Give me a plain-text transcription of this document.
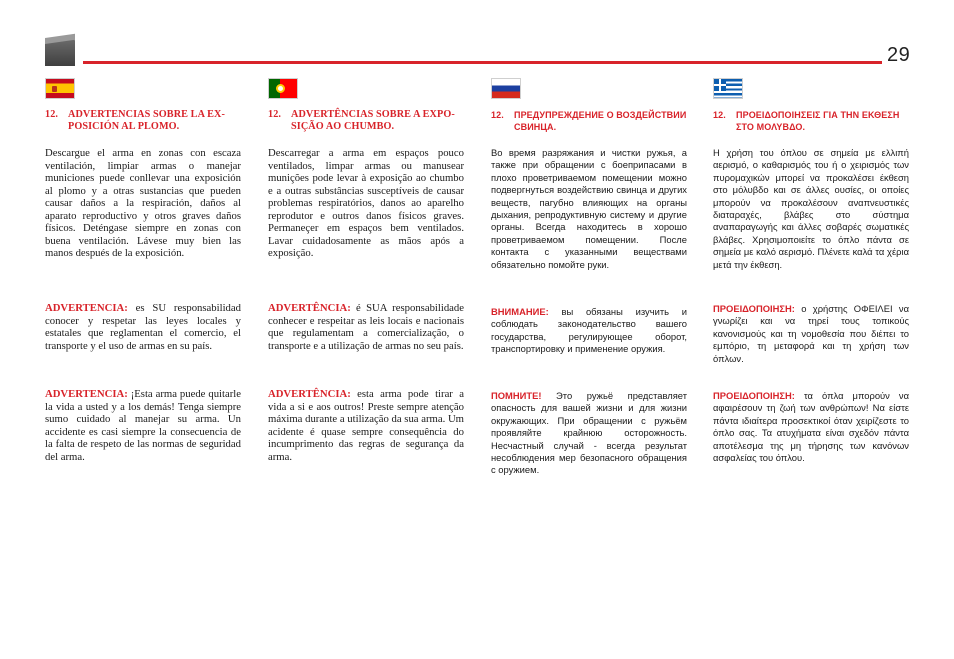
29
12. ADVERTENCIAS SOBRE LA EX-POSICIÓN AL PLOMO.

Descargue el arma en zonas con escaza ventilación, limpiar armas o manejar municiones puede conllevar una exposición al plomo y a otras sustancias que pueden causar daños a la respiración, daños al aparato reproductivo y otros graves daños físicos. Deténgase siempre en zonas con buena ventilación. Lávese muy bien las manos después de la exposición.

ADVERTENCIA: es SU responsabilidad conocer y respetar las leyes locales y estatales que reglamentan el comercio, el transporte y el uso de armas en su país.

ADVERTENCIA: ¡Esta arma puede quitarle la vida a usted y a los demás! Tenga siempre sumo cuidado al manejar su arma. Un accidente es casi siempre la consecuencia de la falta de respeto de las normas de seguridad del arma.

12. ADVERTÊNCIAS SOBRE A EXPO-SIÇÃO AO CHUMBO.

Descarregar a arma em espaços pouco ventilados, limpar armas ou manusear munições pode levar à exposição ao chumbo e a outras substâncias susceptíveis de causar problemas respiratórios, danos ao aparelho reprodutor e outros danos físicos graves. Permaneçer em espaços bem ventilados. Lavar cuidadosamente as mãos após a exposição.

ADVERTÊNCIA: é SUA responsabilidade conhecer e respeitar as leis locais e nacionais que regulamentam a comercialização, o transporte e a utilização de armas no seu país.

ADVERTÊNCIA: esta arma pode tirar a vida a si e aos outros! Preste sempre atenção máxima durante a utilização da sua arma. Um acidente é quase sempre consequência do incumprimento das regras de segurança da arma.

12.	ПРЕДУПРЕЖДЕНИЕ О ВОЗДЕЙСТВИИ СВИНЦА.

Во время разряжания и чистки ружья, а также при обращении с боеприпасами в плохо проветриваемом помещении можно подвергнуться воздействию свинца и других веществ, пагубно влияющих на органы дыхания, репродуктивную систему и другие органы. Всегда находитесь в хорошо проветриваемом помещении. После контакта с указанными веществами обязательно помойте руки.

ВНИМАНИЕ: вы обязаны изучить и соблюдать законодательство вашего государства, регулирующее оборот, транспортировку и применение оружия.

ПОМНИТЕ! Это ружьё представляет опасность для вашей жизни и для жизни окружающих. При обращении с ружьём проявляйте крайнюю осторожность. Несчастный случай - всегда результат несоблюдения мер безопасного обращения с оружием.

12.	ΠΡΟΕΙΔΟΠΟΙΗΣΕΙΣ ΓΙΑ ΤΗΝ ΕΚΘΕΣΗ ΣΤΟ ΜΟΛΥΒΔΟ.

Η χρήση του όπλου σε σημεία με ελλιπή αερισμό, ο καθαρισμός του ή ο χειρισμός των πυρομαχικών μπορεί να προκαλέσει έκθεση στο μόλυβδο και σε άλλες ουσίες, οι οποίες μπορούν να προκαλέσουν αναπνευστικές διαταραχές, βλάβες στο σύστημα αναπαραγωγής και άλλες σοβαρές σωματικές βλάβες. Χρησιμοποιείτε το όπλο πάντα σε σημεία με καλό αερισμό. Πλένετε καλά τα χέρια μετά την έκθεση.

ΠΡΟΕΙΔΟΠΟΙΗΣΗ: ο χρήστης ΟΦΕΙΛΕΙ να γνωρίζει και να τηρεί τους τοπικούς κανονισμούς και τη νομοθεσία που διέπει το εμπόριο, τη μεταφορά και τη χρήση των όπλων.

ΠΡΟΕΙΔΟΠΟΙΗΣΗ: τα όπλα μπορούν να αφαιρέσουν τη ζωή των ανθρώπων! Να είστε πάντα ιδιαίτερα προσεκτικοί όταν χειρίζεστε το όπλο σας. Τα ατυχήματα είναι σχεδόν πάντα αποτέλεσμα της μη τήρησης των κανόνων ασφαλείας του όπλου.
